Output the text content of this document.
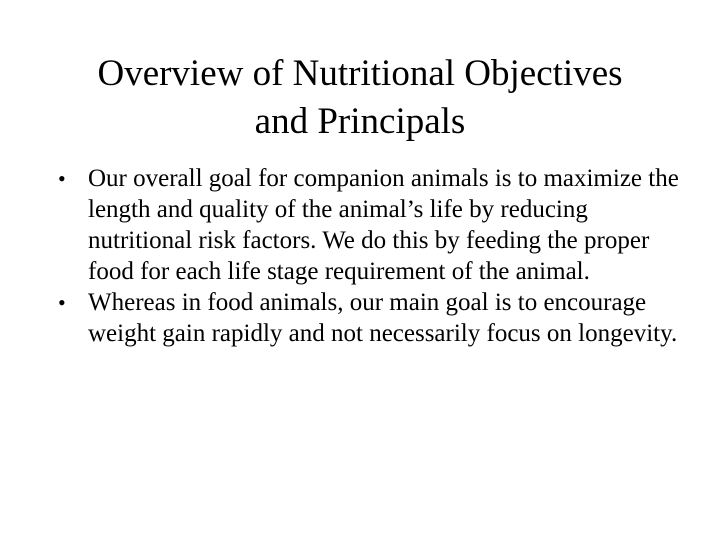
Overview of Nutritional Objectives
and Principals
• Our overall goal for companion animals is to maximize the length and quality of the animal’s life by reducing nutritional risk factors. We do this by feeding the proper food for each life stage requirement of the animal.
• Whereas in food animals, our main goal is to encourage weight gain rapidly and not necessarily focus on longevity.
